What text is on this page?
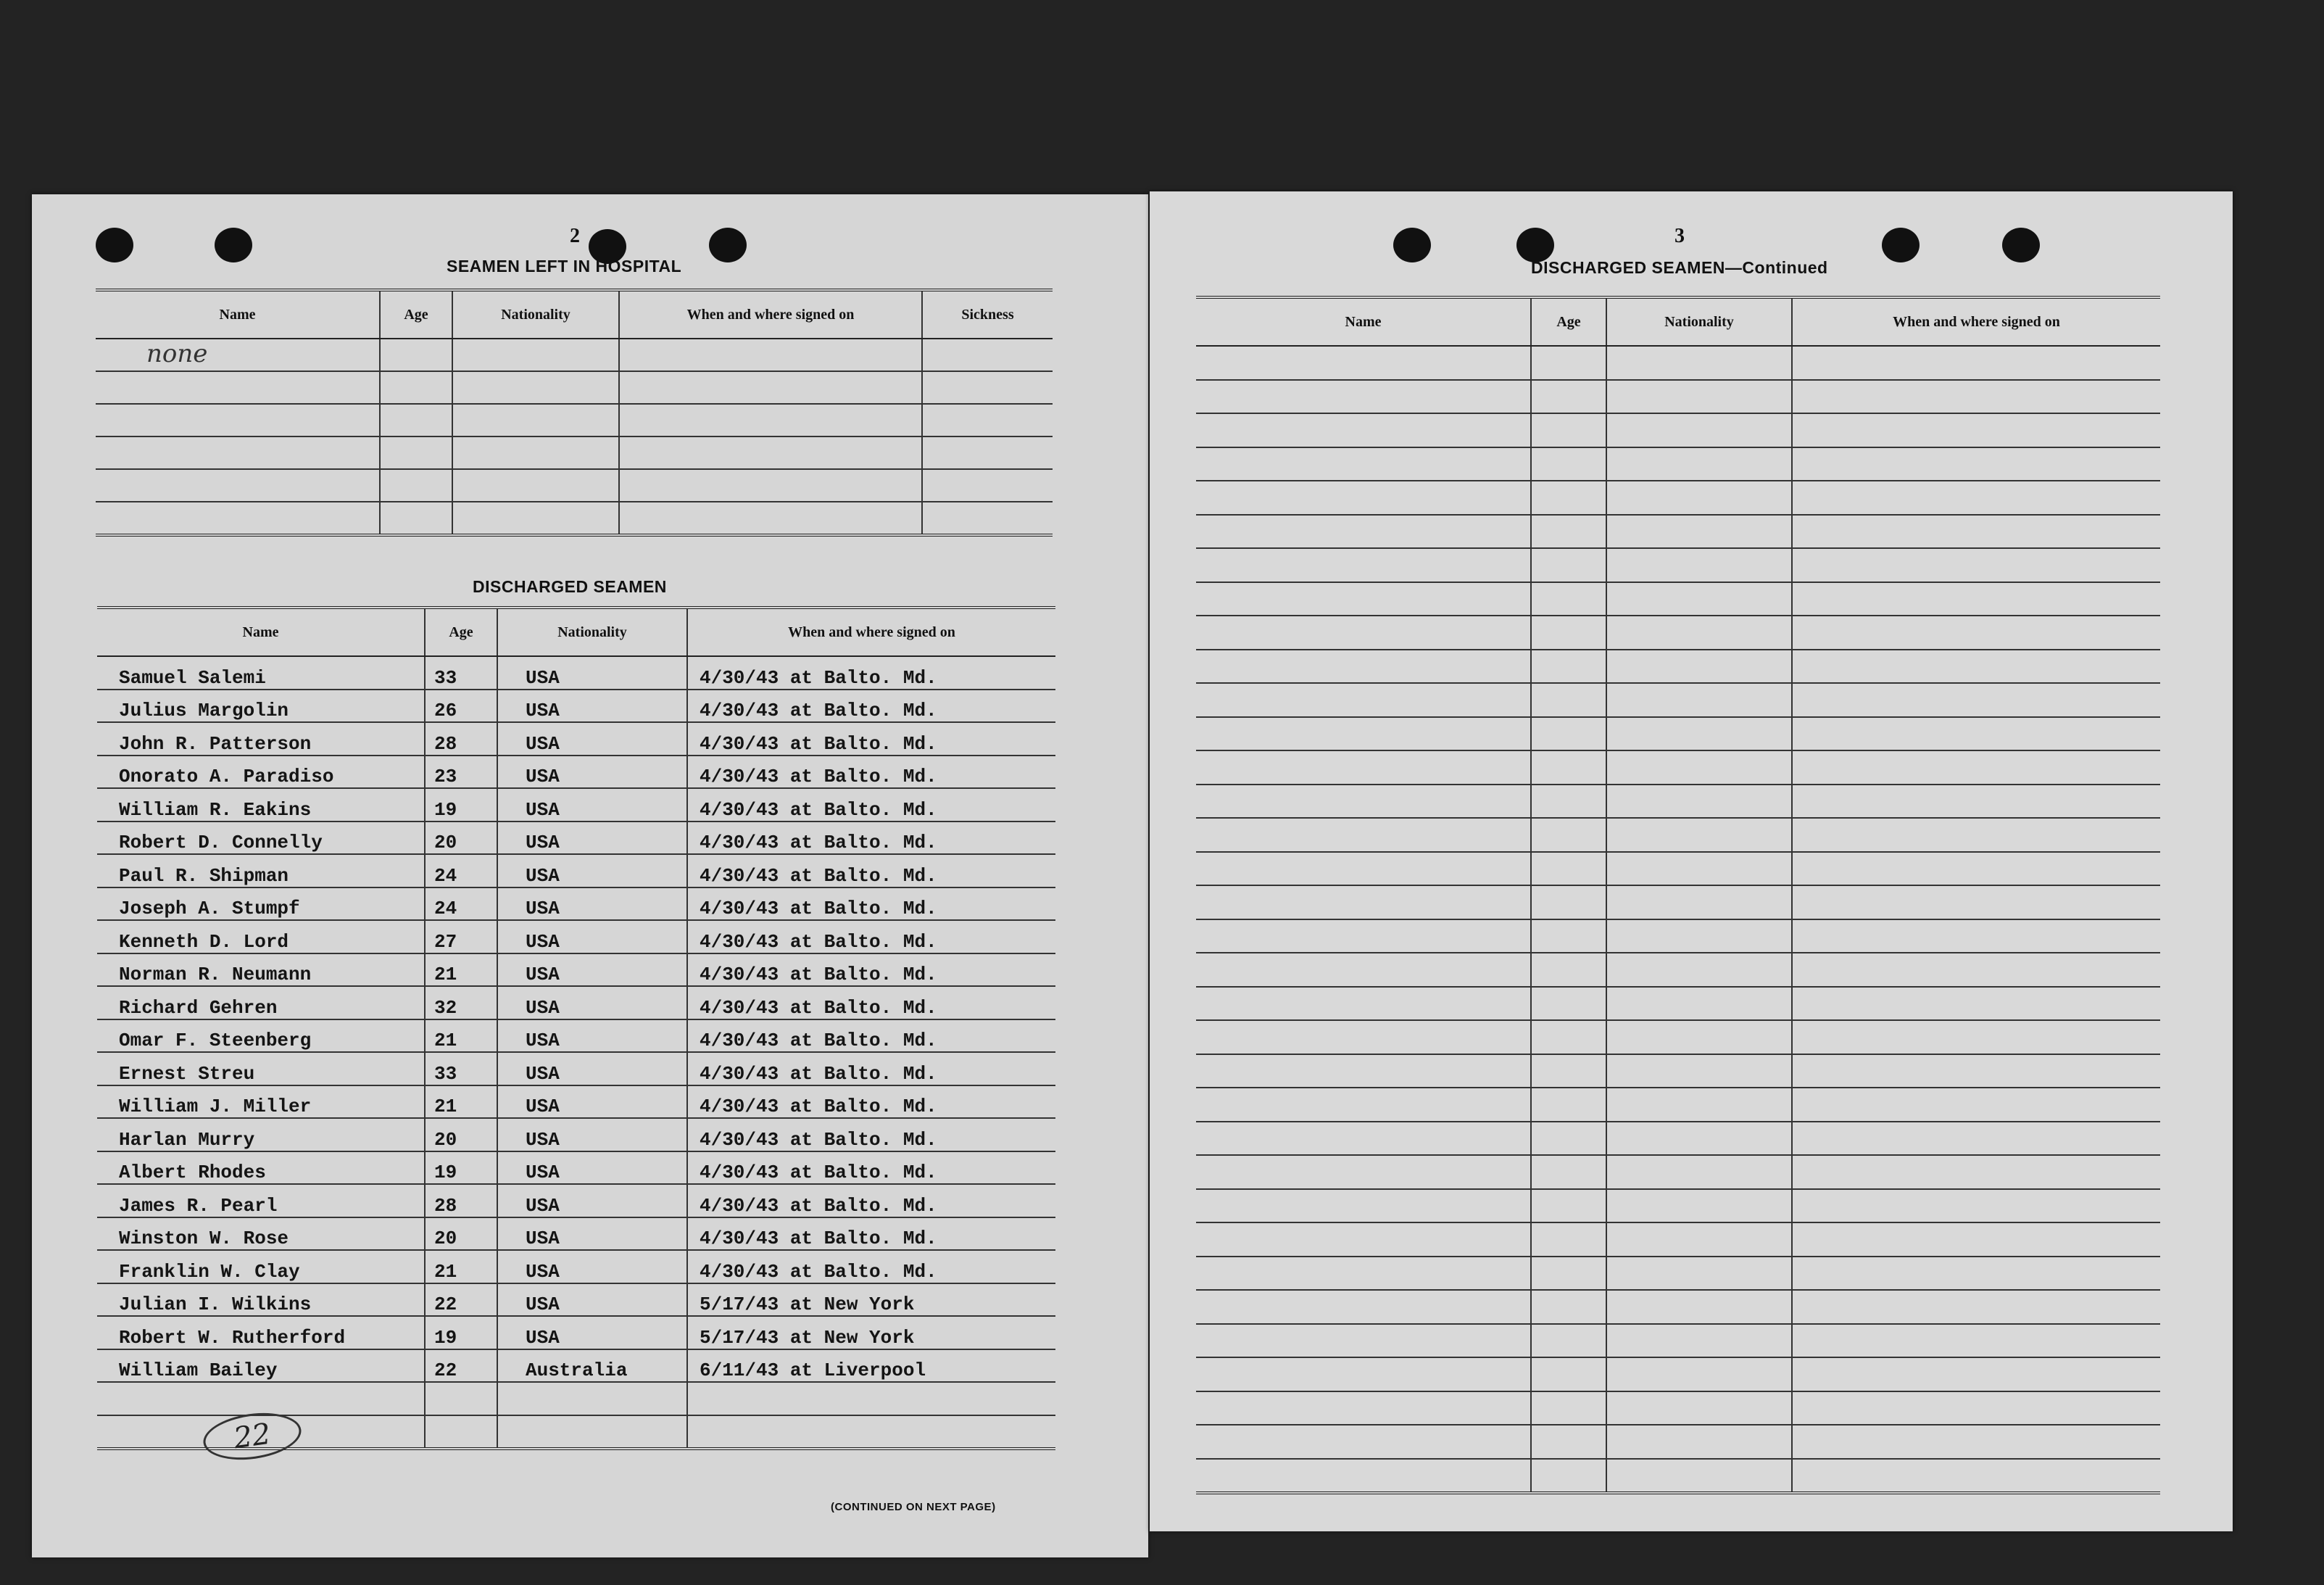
2
SEAMEN LEFT IN HOSPITAL
Name	Age	Nationality	When and where signed on	Sickness

none
DISCHARGED SEAMEN
Name	Age	Nationality	When and where signed on
Samuel Salemi	33	USA	4/30/43 at Balto. Md.
Julius Margolin	26	USA	4/30/43 at Balto. Md.
John R. Patterson	28	USA	4/30/43 at Balto. Md.
Onorato A. Paradiso	23	USA	4/30/43 at Balto. Md.
William R. Eakins	19	USA	4/30/43 at Balto. Md.
Robert D. Connelly	20	USA	4/30/43 at Balto. Md.
Paul R. Shipman	24	USA	4/30/43 at Balto. Md.
Joseph A. Stumpf	24	USA	4/30/43 at Balto. Md.
Kenneth D. Lord	27	USA	4/30/43 at Balto. Md.
Norman R. Neumann	21	USA	4/30/43 at Balto. Md.
Richard Gehren	32	USA	4/30/43 at Balto. Md.
Omar F. Steenberg	21	USA	4/30/43 at Balto. Md.
Ernest Streu	33	USA	4/30/43 at Balto. Md.
William J. Miller	21	USA	4/30/43 at Balto. Md.
Harlan Murry	20	USA	4/30/43 at Balto. Md.
Albert Rhodes	19	USA	4/30/43 at Balto. Md.
James R. Pearl	28	USA	4/30/43 at Balto. Md.
Winston W. Rose	20	USA	4/30/43 at Balto. Md.
Franklin W. Clay	21	USA	4/30/43 at Balto. Md.
Julian I. Wilkins	22	USA	5/17/43 at New York
Robert W. Rutherford	19	USA	5/17/43 at New York
William Bailey	22	Australia	6/11/43 at Liverpool

22
(CONTINUED ON NEXT PAGE)
3
DISCHARGED SEAMEN—Continued
Name	Age	Nationality	When and where signed on
